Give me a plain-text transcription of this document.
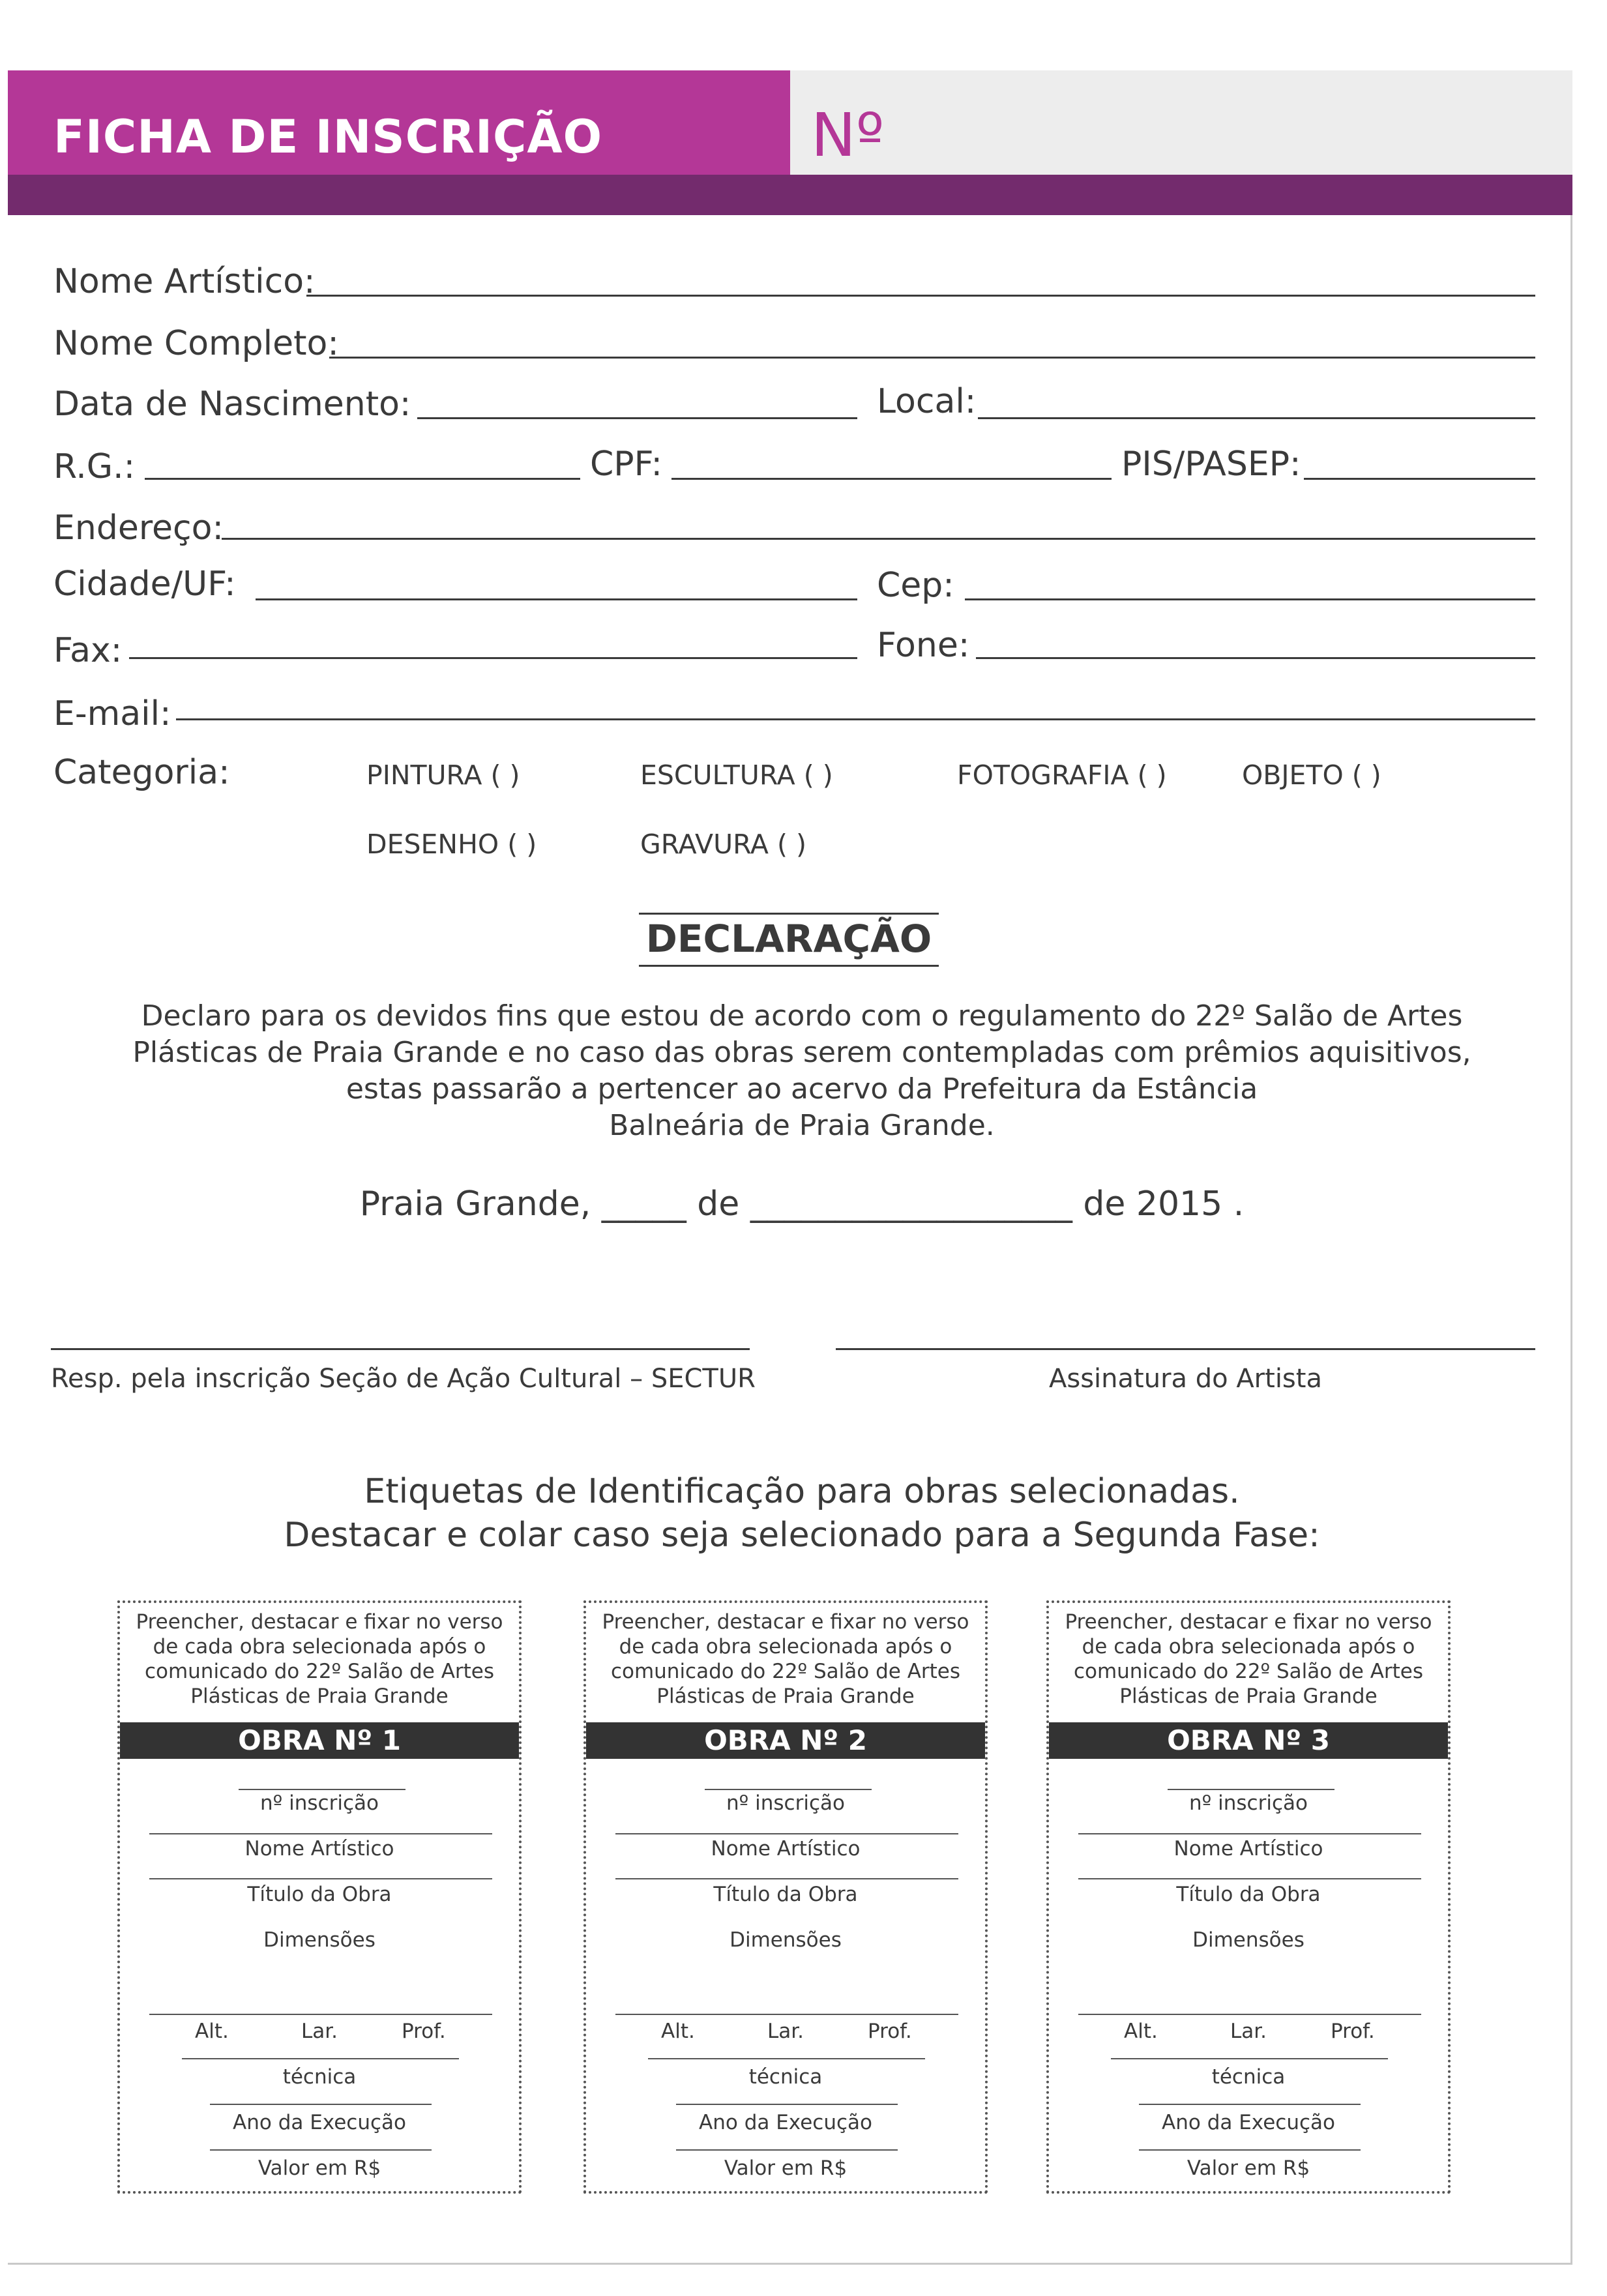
FICHA DE INSCRIÇÃO	Nº
Nome Artístico:
Nome Completo:
Data de Nascimento:	Local:
R.G.:	CPF:	PIS/PASEP:
Endereço:
Cidade/UF:	Cep:
Fax:	Fone:
E-mail:
Categoria:	PINTURA ( )	ESCULTURA ( )	FOTOGRAFIA ( )	OBJETO ( )
DESENHO ( )	GRAVURA ( )
DECLARAÇÃO
Declaro para os devidos fins que estou de acordo com o regulamento do 22º Salão de Artes
Plásticas de Praia Grande e no caso das obras serem contempladas com prêmios aquisitivos,
estas passarão a pertencer ao acervo da Prefeitura da Estância
Balneária de Praia Grande.
Praia Grande, _____ de ___________________ de 2015 .
Resp. pela inscrição Seção de Ação Cultural – SECTUR	Assinatura do Artista
Etiquetas de Identificação para obras selecionadas.
Destacar e colar caso seja selecionado para a Segunda Fase:
Preencher, destacar e fixar no verso
de cada obra selecionada após o
comunicado do 22º Salão de Artes
Plásticas de Praia Grande
OBRA Nº 1
nº inscrição
Nome Artístico
Título da Obra
Dimensões
Alt.	Lar.	Prof.
técnica
Ano da Execução
Valor em R$
Preencher, destacar e fixar no verso
de cada obra selecionada após o
comunicado do 22º Salão de Artes
Plásticas de Praia Grande
OBRA Nº 2
nº inscrição
Nome Artístico
Título da Obra
Dimensões
Alt.	Lar.	Prof.
técnica
Ano da Execução
Valor em R$
Preencher, destacar e fixar no verso
de cada obra selecionada após o
comunicado do 22º Salão de Artes
Plásticas de Praia Grande
OBRA Nº 3
nº inscrição
Nome Artístico
Título da Obra
Dimensões
Alt.	Lar.	Prof.
técnica
Ano da Execução
Valor em R$
